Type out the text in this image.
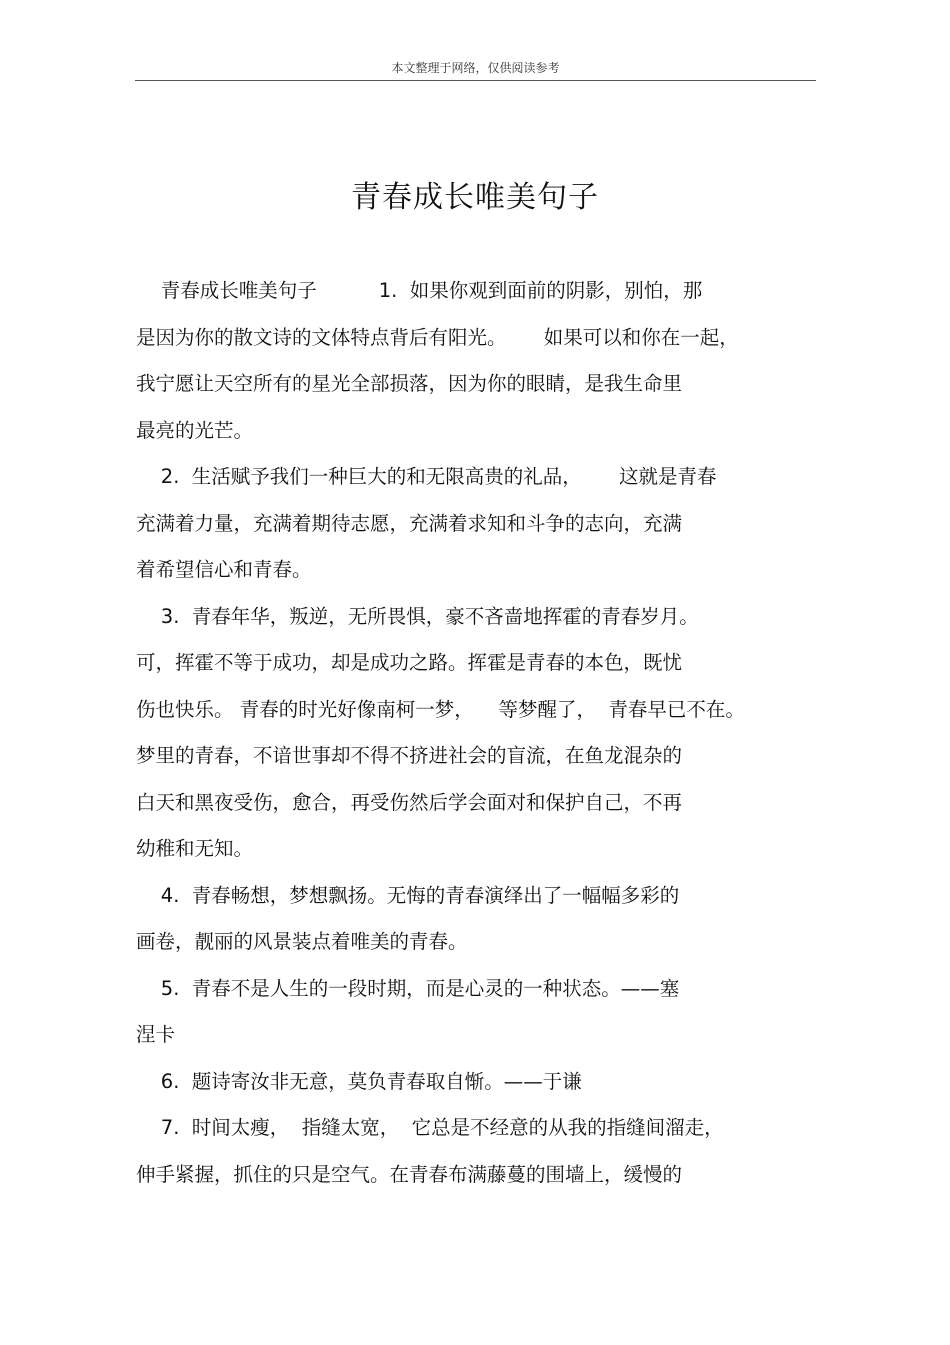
本文整理于网络，仅供阅读参考
青春成长唯美句子
青春成长唯美句子          1.  如果你观到面前的阴影，别怕，那
是因为你的散文诗的文体特点背后有阳光。      如果可以和你在一起，
我宁愿让天空所有的星光全部损落，因为你的眼睛，是我生命里
最亮的光芒。
2.  生活赋予我们一种巨大的和无限高贵的礼品，      这就是青春
充满着力量，充满着期待志愿，充满着求知和斗争的志向，充满
着希望信心和青春。
3.  青春年华，叛逆，无所畏惧，豪不吝啬地挥霍的青春岁月。
可，挥霍不等于成功，却是成功之路。挥霍是青春的本色，既忧
伤也快乐。 青春的时光好像南柯一梦，    等梦醒了，  青春早已不在。
梦里的青春，不谙世事却不得不挤进社会的盲流，在鱼龙混杂的
白天和黑夜受伤，愈合，再受伤然后学会面对和保护自己，不再
幼稚和无知。
4.  青春畅想，梦想飘扬。无悔的青春演绎出了一幅幅多彩的
画卷，靓丽的风景装点着唯美的青春。
5.  青春不是人生的一段时期，而是心灵的一种状态。——塞
涅卡
6.  题诗寄汝非无意，莫负青春取自惭。——于谦
7.  时间太瘦，  指缝太宽，  它总是不经意的从我的指缝间溜走，
伸手紧握，抓住的只是空气。在青春布满藤蔓的围墙上，缓慢的
